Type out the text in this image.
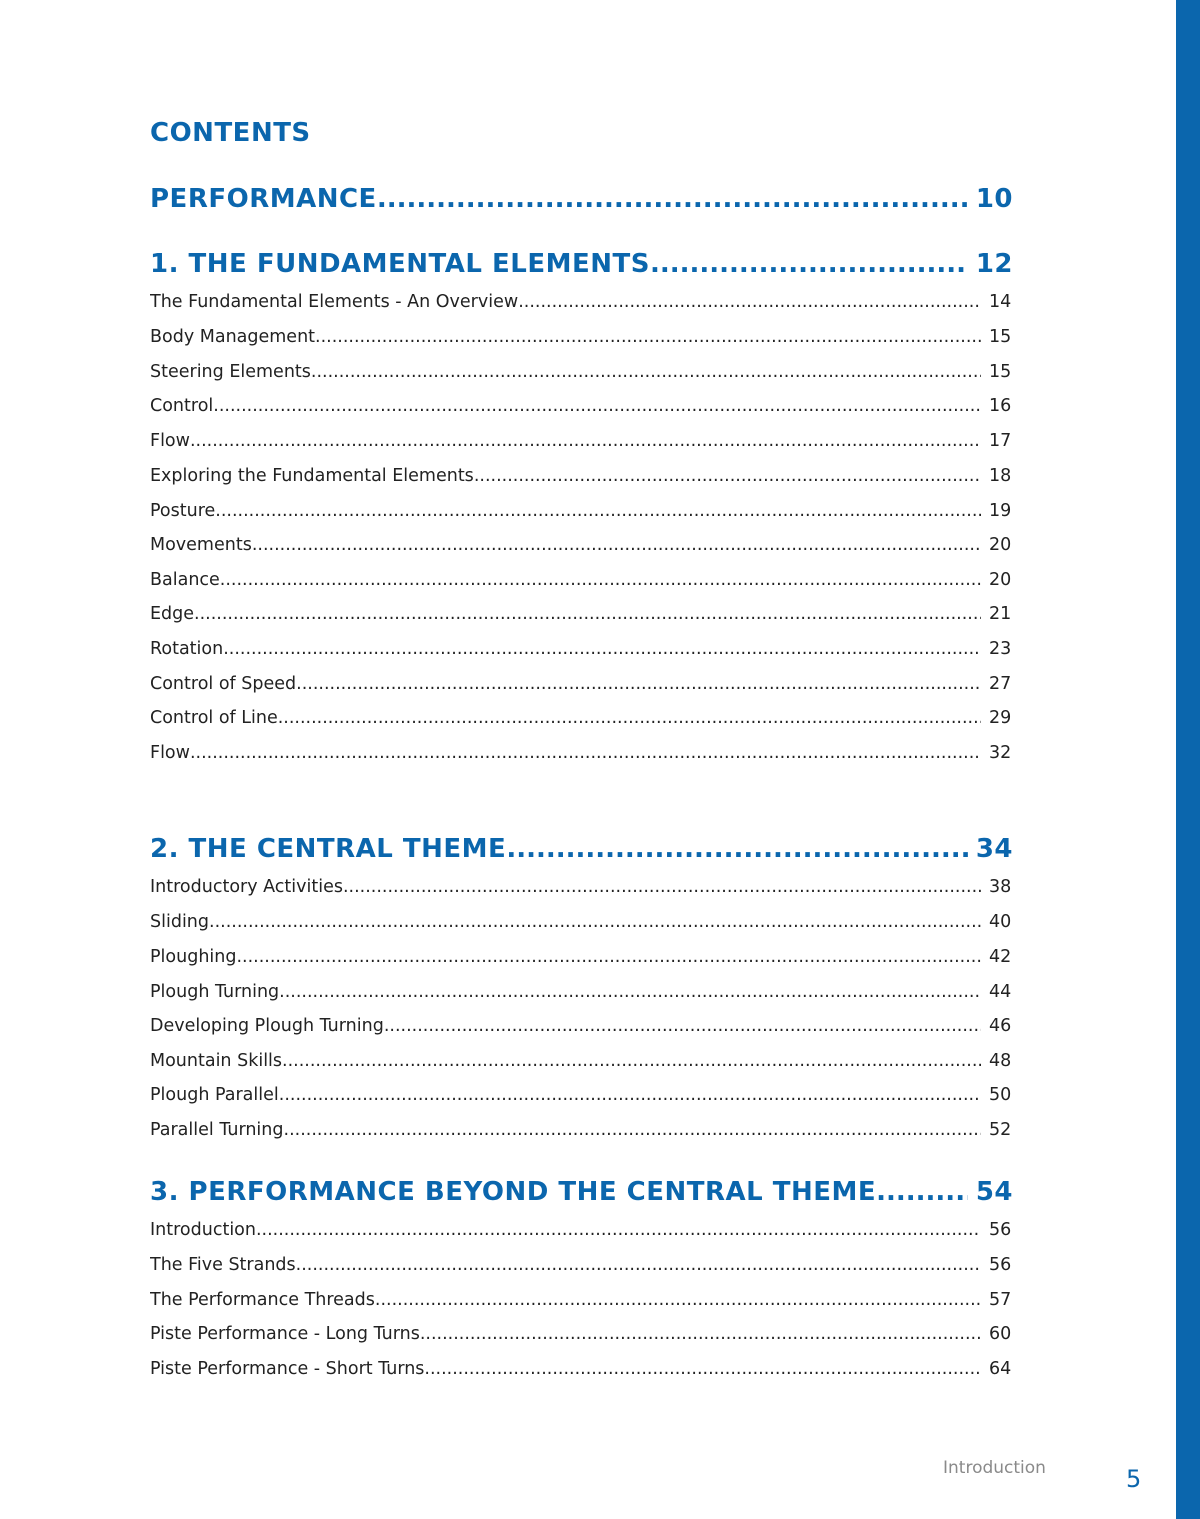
CONTENTS
PERFORMANCE .....	10
1. THE FUNDAMENTAL ELEMENTS .....	12
The Fundamental Elements - An Overview .....	14
Body Management .....	15
Steering Elements .....	15
Control .....	16
Flow .....	17
Exploring the Fundamental Elements .....	18
Posture .....	19
Movements .....	20
Balance .....	20
Edge .....	21
Rotation .....	23
Control of Speed .....	27
Control of Line .....	29
Flow .....	32
2. THE CENTRAL THEME .....	34
Introductory Activities .....	38
Sliding .....	40
Ploughing .....	42
Plough Turning .....	44
Developing Plough Turning .....	46
Mountain Skills .....	48
Plough Parallel .....	50
Parallel Turning .....	52
3. PERFORMANCE BEYOND THE CENTRAL THEME .....	54
Introduction .....	56
The Five Strands .....	56
The Performance Threads .....	57
Piste Performance - Long Turns .....	60
Piste Performance - Short Turns .....	64
Introduction	5
